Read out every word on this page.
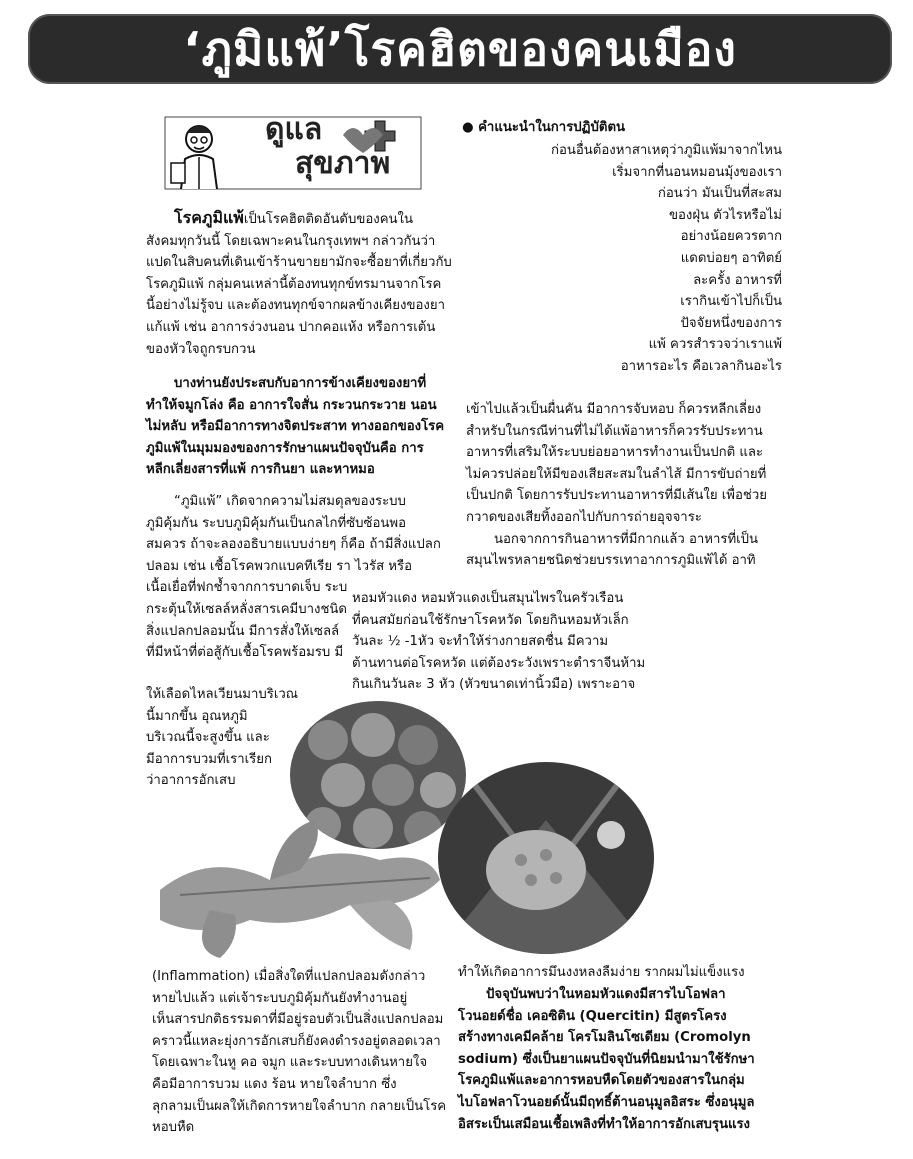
‘ภูมิแพ้’โรคฮิตของคนเมือง
ดูแล
สุขภาพ
โรคภูมิแพ้เป็นโรคฮิตติดอันดับของคนใน
สังคมทุกวันนี้ โดยเฉพาะคนในกรุงเทพฯ กล่าวกันว่า
แปดในสิบคนที่เดินเข้าร้านขายยามักจะซื้อยาที่เกี่ยวกับ
โรคภูมิแพ้ กลุ่มคนเหล่านี้ต้องทนทุกข์ทรมานจากโรค
นี้อย่างไม่รู้จบ และต้องทนทุกข์จากผลข้างเคียงของยา
แก้แพ้ เช่น อาการง่วงนอน ปากคอแห้ง หรือการเต้น
ของหัวใจถูกรบกวน
บางท่านยังประสบกับอาการข้างเคียงของยาที่
ทำให้จมูกโล่ง คือ อาการใจสั่น กระวนกระวาย นอน
ไม่หลับ หรือมีอาการทางจิตประสาท ทางออกของโรค
ภูมิแพ้ในมุมมองของการรักษาแผนปัจจุบันคือ การ
หลีกเลี่ยงสารที่แพ้ การกินยา และหาหมอ
“ภูมิแพ้” เกิดจากความไม่สมดุลของระบบ
ภูมิคุ้มกัน ระบบภูมิคุ้มกันเป็นกลไกที่ซับซ้อนพอ
สมควร ถ้าจะลองอธิบายแบบง่ายๆ ก็คือ ถ้ามีสิ่งแปลก
ปลอม เช่น เชื้อโรคพวกแบคทีเรีย รา ไวรัส หรือ
เนื้อเยื่อที่ฟกช้ำจากการบาดเจ็บ ระบ
กระตุ้นให้เซลล์หลั่งสารเคมีบางชนิด
สิ่งแปลกปลอมนั้น มีการสั่งให้เซลล์
ที่มีหน้าที่ต่อสู้กับเชื้อโรคพร้อมรบ มี
ให้เลือดไหลเวียนมาบริเวณ
นี้มากขึ้น อุณหภูมิ
บริเวณนี้จะสูงขึ้น และ
มีอาการบวมที่เราเรียก
ว่าอาการอักเสบ
● คำแนะนำในการปฏิบัติตน
ก่อนอื่นต้องหาสาเหตุว่าภูมิแพ้มาจากไหน
เริ่มจากที่นอนหมอนมุ้งของเรา
ก่อนว่า มันเป็นที่สะสม
ของฝุ่น ตัวไรหรือไม่
อย่างน้อยควรตาก
แดดบ่อยๆ อาทิตย์
ละครั้ง อาหารที่
เรากินเข้าไปก็เป็น
ปัจจัยหนึ่งของการ
แพ้ ควรสำรวจว่าเราแพ้
อาหารอะไร คือเวลากินอะไร
เข้าไปแล้วเป็นผื่นคัน มีอาการจับหอบ ก็ควรหลีกเลี่ยง
สำหรับในกรณีท่านที่ไม่ได้แพ้อาหารก็ควรรับประทาน
อาหารที่เสริมให้ระบบย่อยอาหารทำงานเป็นปกติ และ
ไม่ควรปล่อยให้มีของเสียสะสมในลำไส้ มีการขับถ่ายที่
เป็นปกติ โดยการรับประทานอาหารที่มีเส้นใย เพื่อช่วย
กวาดของเสียทิ้งออกไปกับการถ่ายอุจจาระ
นอกจากการกินอาหารที่มีกากแล้ว อาหารที่เป็น
สมุนไพรหลายชนิดช่วยบรรเทาอาการภูมิแพ้ได้ อาทิ
หอมหัวแดง หอมหัวแดงเป็นสมุนไพรในครัวเรือน
ที่คนสมัยก่อนใช้รักษาโรคหวัด โดยกินหอมหัวเล็ก
วันละ ½ -1หัว จะทำให้ร่างกายสดชื่น มีความ
ต้านทานต่อโรคหวัด แต่ต้องระวังเพราะตำราจีนห้าม
กินเกินวันละ 3 หัว (หัวขนาดเท่านิ้วมือ) เพราะอาจ
(Inflammation) เมื่อสิ่งใดที่แปลกปลอมดังกล่าว
หายไปแล้ว แต่เจ้าระบบภูมิคุ้มกันยังทำงานอยู่
เห็นสารปกติธรรมดาที่มีอยู่รอบตัวเป็นสิ่งแปลกปลอม
คราวนี้แหละยุ่งการอักเสบก็ยังคงดำรงอยู่ตลอดเวลา
โดยเฉพาะในหู คอ จมูก และระบบทางเดินหายใจ
คือมีอาการบวม แดง ร้อน หายใจลำบาก ซึ่ง
ลุกลามเป็นผลให้เกิดการหายใจลำบาก กลายเป็นโรค
หอบหืด
ทำให้เกิดอาการมึนงงหลงลืมง่าย รากผมไม่แข็งแรง
ปัจจุบันพบว่าในหอมหัวแดงมีสารไบโอฟลา
โวนอยด์ชื่อ เคอซิติน (Quercitin) มีสูตรโครง
สร้างทางเคมีคล้าย โครโมลินโซเดียม (Cromolyn
sodium) ซึ่งเป็นยาแผนปัจจุบันที่นิยมนำมาใช้รักษา
โรคภูมิแพ้และอาการหอบหืดโดยตัวของสารในกลุ่ม
ไบโอฟลาโวนอยด์นั้นมีฤทธิ์ต้านอนุมูลอิสระ ซึ่งอนุมูล
อิสระเป็นเสมือนเชื้อเพลิงที่ทำให้อาการอักเสบรุนแรง
